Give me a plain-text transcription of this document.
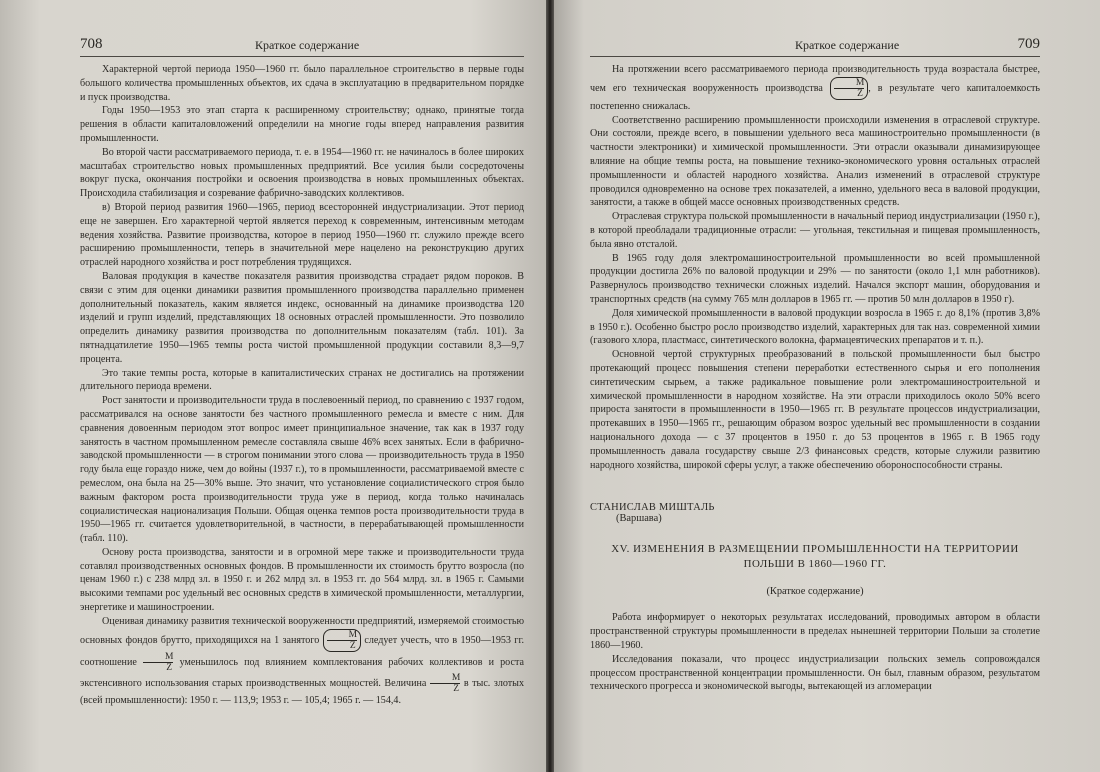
708	Краткое содержание

Характерной чертой периода 1950—1960 гг. было параллельное строительство в первые годы большого количества промышленных объектов, их сдача в эксплуатацию в предварительном порядке и пуск производства.

Годы 1950—1953 это этап старта к расширенному строительству; однако, принятые тогда решения в области капиталовложений определили на многие годы вперед направления развития промышленности.

Во второй части рассматриваемого периода, т. е. в 1954—1960 гг. не начиналось в более широких масштабах строительство новых промышленных предприятий. Все усилия были сосредоточены вокруг пуска, окончания постройки и освоения производства в новых промышленных объектах. Происходила стабилизация и созревание фабрично-заводских коллективов.

в) Второй период развития 1960—1965, период всесторонней индустриализации. Этот период еще не завершен. Его характерной чертой является переход к современным, интенсивным методам ведения хозяйства. Развитие производства, которое в период 1950—1960 гг. служило прежде всего расширению промышленности, теперь в значительной мере нацелено на реконструкцию других отраслей народного хозяйства и рост потребления трудящихся.

Валовая продукция в качестве показателя развития производства страдает рядом пороков. В связи с этим для оценки динамики развития промышленного производства параллельно применен дополнительный показатель, каким является индекс, основанный на динамике производства 120 изделий и групп изделий, представляющих 18 основных отраслей промышленности. Это позволило определить динамику развития производства по дополнительным показателям (табл. 101). За пятнадцатилетие 1950—1965 темпы роста чистой промышленной продукции составили 8,3—9,7 процента.

Это такие темпы роста, которые в капиталистических странах не достигались на протяжении длительного периода времени.

Рост занятости и производительности труда в послевоенный период, по сравнению с 1937 годом, рассматривался на основе занятости без частного промышленного ремесла и вместе с ним. Для сравнения довоенным периодом этот вопрос имеет принципиальное значение, так как в 1937 году занятость в частном промышленном ремесле составляла свыше 46% всех занятых. Если в фабрично-заводской промышленности — в строгом понимании этого слова — производительность труда в 1950 году была еще гораздо ниже, чем до войны (1937 г.), то в промышленности, рассматриваемой вместе с ремеслом, она была на 25—30% выше. Это значит, что установление социалистического строя было важным фактором роста производительности труда уже в период, когда только начиналась социалистическая национализация Польши. Общая оценка темпов роста производительности труда в 1950—1965 гг. считается удовлетворительной, в частности, в перерабатывающей промышленности (табл. 110).

Основу роста производства, занятости и в огромной мере также и производительности труда сотавлял производственных основных фондов. В промышленности их стоимость брутто возросла (по ценам 1960 г.) с 238 млрд зл. в 1950 г. и 262 млрд зл. в 1953 гг. до 564 млрд. зл. в 1965 г. Самыми высокими темпами рос удельный вес основных средств в химической промышленности, металлургии, энергетике и машиностроении.

Оценивая динамику развития технической вооруженности предприятий, измеряемой стоимостью основных фондов брутто, приходящихся на 1 занятого $\frac{M}{Z}$ следует учесть, что в 1950—1953 гг. соотношение $\frac{M}{Z}$ уменьшилось под влиянием комплектования рабочих коллективов и роста экстенсивного использования старых производственных мощностей. Величина $\frac{M}{Z}$ в тыс. злотых (всей промышленности): 1950 г. — 113,9; 1953 г. — 105,4; 1965 г. — 154,4.

Краткое содержание	709

На протяжении всего рассматриваемого периода производительность труда возрастала быстрее, чем его техническая вооруженность производства $\frac{M}{Z}$ , в результате чего капиталоемкость постепенно снижалась.

Соответственно расширению промышленности происходили изменения в отраслевой структуре. Они состояли, прежде всего, в повышении удельного веса машиностроительно промышленности (в частности электроники) и химической промышленности. Эти отрасли оказывали динамизирующее влияние на общие темпы роста, на повышение технико-экономического уровня остальных отраслей промышленности и областей народного хозяйства. Анализ изменений в отраслевой структуре проводился одновременно на основе трех показателей, а именно, удельного веса в валовой продукции, занятости, а также в общей массе основных производственных средств.

Отраслевая структура польской промышленности в начальный период индустриализации (1950 г.), в которой преобладали традиционные отрасли: — угольная, текстильная и пищевая промышленность, была явно отсталой.

В 1965 году доля электромашиностроительной промышленности во всей промышленной продукции достигла 26% по валовой продукции и 29% — по занятости (около 1,1 млн работников). Развернулось производство технически сложных изделий. Начался экспорт машин, оборудования и транспортных средств (на сумму 765 млн долларов в 1965 гг. — против 50 млн долларов в 1950 г).

Доля химической промышленности в валовой продукции возросла в 1965 г. до 8,1% (против 3,8% в 1950 г.). Особенно быстро росло производство изделий, характерных для так наз. современной химии (газового хлора, пластмасс, синтетического волокна, фармацевтических препаратов и т. п.).

Основной чертой структурных преобразований в польской промышленности был быстро протекающий процесс повышения степени переработки естественного сырья и его пополнения синтетическим сырьем, а также радикальное повышение роли электромашиностроительной и химической промышленности в народном хозяйстве. На эти отрасли приходилось около 50% всего прироста занятости в промышленности в 1950—1965 гг. В результате процессов индустриализации, протекавших в 1950—1965 гг., решающим образом возрос удельный вес промышленности в создании национального дохода — с 37 процентов в 1950 г. до 53 процентов в 1965 г. В 1965 году промышленность давала государству свыше 2/3 финансовых средств, которые служили развитию народного хозяйства, широкой сферы услуг, а также обеспечению обороноспособности страны.

СТАНИСЛАВ МИШТАЛЬ
(Варшава)
XV. ИЗМЕНЕНИЯ В РАЗМЕЩЕНИИ ПРОМЫШЛЕННОСТИ НА ТЕРРИТОРИИ ПОЛЬШИ В 1860—1960 ГГ.
(Краткое содержание)

Работа информирует о некоторых результатах исследований, проводимых автором в области пространственной структуры промышленности в пределах нынешней территории Польши за столетие 1860—1960.

Исследования показали, что процесс индустриализации польских земель сопровождался процессом пространственной концентрации промышленности. Он был, главным образом, результатом технического прогресса и экономической выгоды, вытекающей из агломерации
